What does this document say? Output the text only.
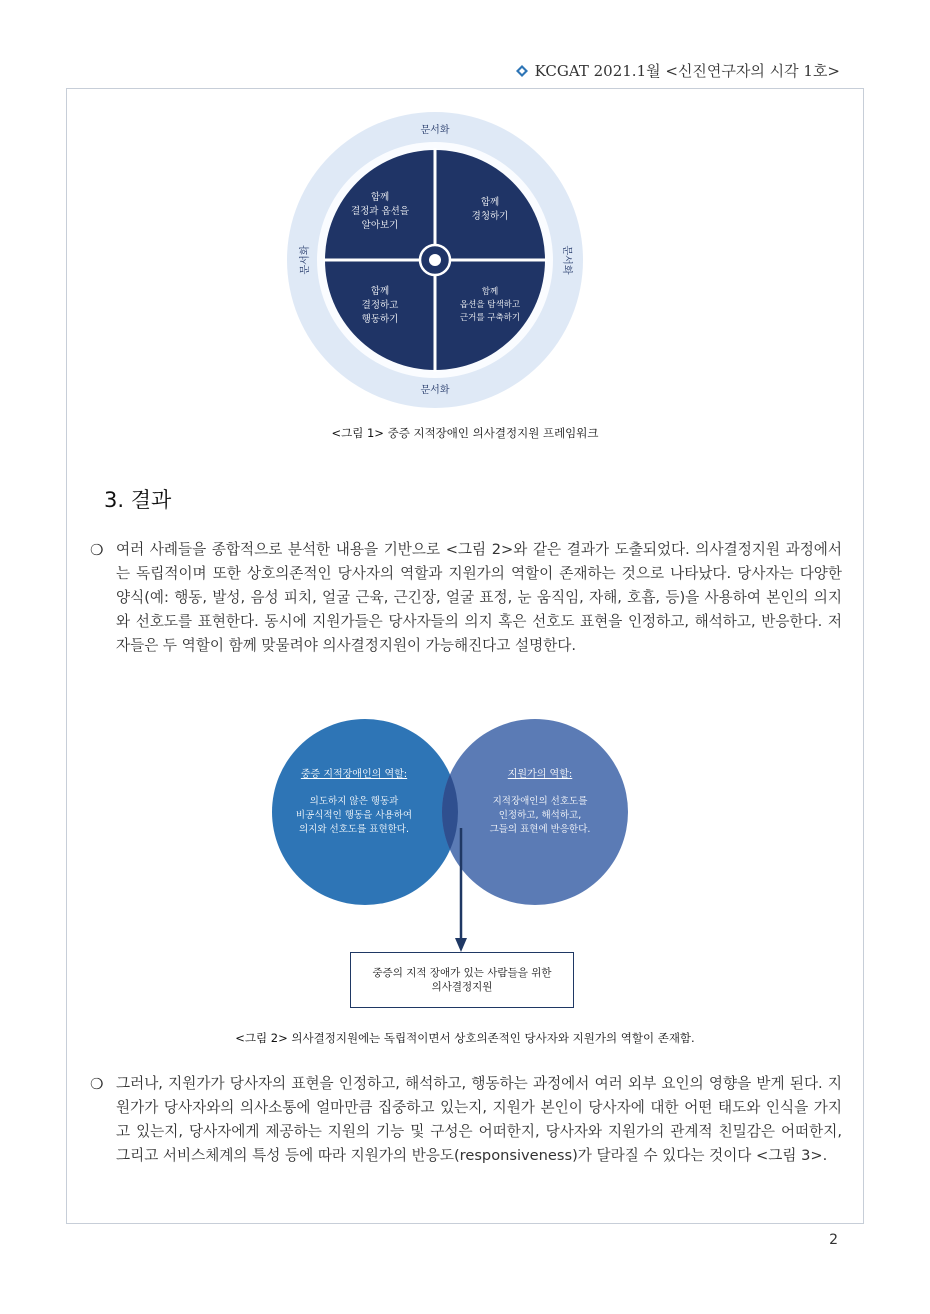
KCGAT 2021.1월 <신진연구자의 시각 1호>
문서화
문서화
문서화	문서화
함께
결정과 옵션을
알아보기
함께
경청하기
함께
결정하고
행동하기
함께
옵션을 탐색하고
근거를 구축하기
<그림 1> 중증 지적장애인 의사결정지원 프레임워크
3. 결과
❍ 여러 사례들을 종합적으로 분석한 내용을 기반으로 <그림 2>와 같은 결과가 도출되었다. 의사결정지원 과정에서는 독립적이며 또한 상호의존적인 당사자의 역할과 지원가의 역할이 존재하는 것으로 나타났다. 당사자는 다양한 양식(예: 행동, 발성, 음성 피치, 얼굴 근육, 근긴장, 얼굴 표정, 눈 움직임, 자해, 호흡, 등)을 사용하여 본인의 의지와 선호도를 표현한다. 동시에 지원가들은 당사자들의 의지 혹은 선호도 표현을 인정하고, 해석하고, 반응한다. 저자들은 두 역할이 함께 맞물려야 의사결정지원이 가능해진다고 설명한다.
중증 지적장애인의 역할:
의도하지 않은 행동과
비공식적인 행동을 사용하여
의지와 선호도를 표현한다.
지원가의 역할:
지적장애인의 선호도를
인정하고, 해석하고,
그들의 표현에 반응한다.
중증의 지적 장애가 있는 사람들을 위한
의사결정지원
<그림 2> 의사결정지원에는 독립적이면서 상호의존적인 당사자와 지원가의 역할이 존재함.
❍ 그러나, 지원가가 당사자의 표현을 인정하고, 해석하고, 행동하는 과정에서 여러 외부 요인의 영향을 받게 된다. 지원가가 당사자와의 의사소통에 얼마만큼 집중하고 있는지, 지원가 본인이 당사자에 대한 어떤 태도와 인식을 가지고 있는지, 당사자에게 제공하는 지원의 기능 및 구성은 어떠한지, 당사자와 지원가의 관계적 친밀감은 어떠한지, 그리고 서비스체계의 특성 등에 따라 지원가의 반응도(responsiveness)가 달라질 수 있다는 것이다 <그림 3>.
2
